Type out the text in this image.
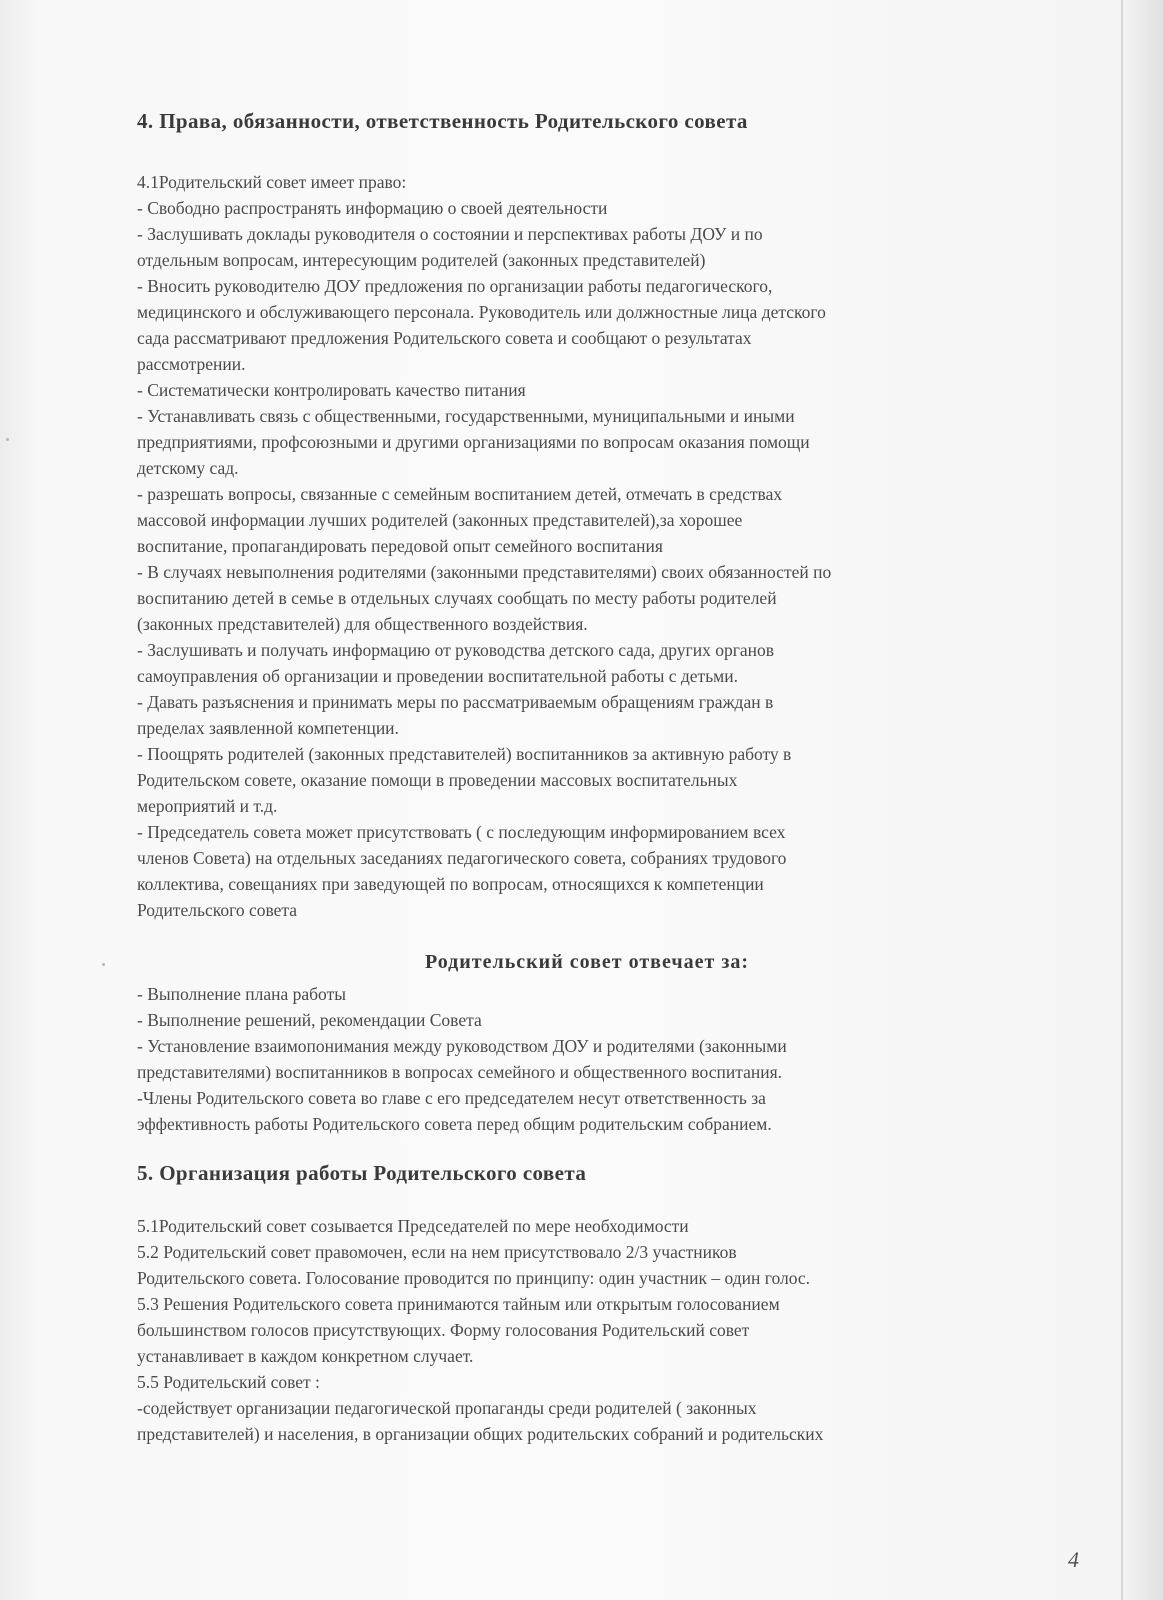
4. Права, обязанности, ответственность Родительского совета

4.1Родительский совет имеет право:

- Свободно распространять информацию о своей деятельности

- Заслушивать доклады руководителя о состоянии и перспективах работы ДОУ и по

отдельным вопросам, интересующим родителей (законных представителей)

- Вносить руководителю ДОУ предложения по организации работы педагогического,

медицинского и обслуживающего персонала. Руководитель или должностные лица детского

сада рассматривают предложения Родительского совета и сообщают о результатах

рассмотрении.

- Систематически контролировать качество питания

- Устанавливать связь с общественными, государственными, муниципальными и иными

предприятиями, профсоюзными и другими организациями по вопросам оказания помощи

детскому сад.

- разрешать вопросы, связанные с семейным воспитанием детей, отмечать в средствах

массовой информации лучших родителей (законных представителей),за хорошее

воспитание, пропагандировать передовой опыт семейного воспитания

- В случаях невыполнения родителями (законными представителями) своих обязанностей по

воспитанию детей в семье в отдельных случаях сообщать по месту работы родителей

(законных представителей) для общественного воздействия.

- Заслушивать и получать информацию от руководства детского сада, других органов

самоуправления об организации и проведении воспитательной работы с детьми.

- Давать разъяснения и принимать меры по рассматриваемым обращениям граждан в

пределах заявленной компетенции.

- Поощрять родителей (законных представителей) воспитанников за активную работу в

Родительском совете, оказание помощи в проведении массовых воспитательных

мероприятий и т.д.

- Председатель совета может присутствовать ( с последующим информированием всех

членов Совета) на отдельных заседаниях педагогического совета, собраниях трудового

коллектива, совещаниях при заведующей по вопросам, относящихся к компетенции

Родительского совета

Родительский совет отвечает за:

- Выполнение плана работы

- Выполнение решений, рекомендации Совета

- Установление взаимопонимания между руководством ДОУ и родителями (законными

представителями) воспитанников в вопросах семейного и общественного воспитания.

-Члены Родительского совета во главе с его председателем несут ответственность за

эффективность работы Родительского совета перед общим родительским собранием.

5. Организация работы Родительского совета

5.1Родительский совет созывается Председателей по мере необходимости

5.2 Родительский совет правомочен, если на нем присутствовало 2/3 участников

Родительского совета. Голосование проводится по принципу: один участник – один голос.

5.3 Решения Родительского совета принимаются тайным или открытым голосованием

большинством голосов присутствующих. Форму голосования Родительский совет

устанавливает в каждом конкретном случает.

5.5 Родительский совет :

-содействует организации педагогической пропаганды среди родителей ( законных

представителей) и населения, в организации общих родительских собраний и родительских

4
